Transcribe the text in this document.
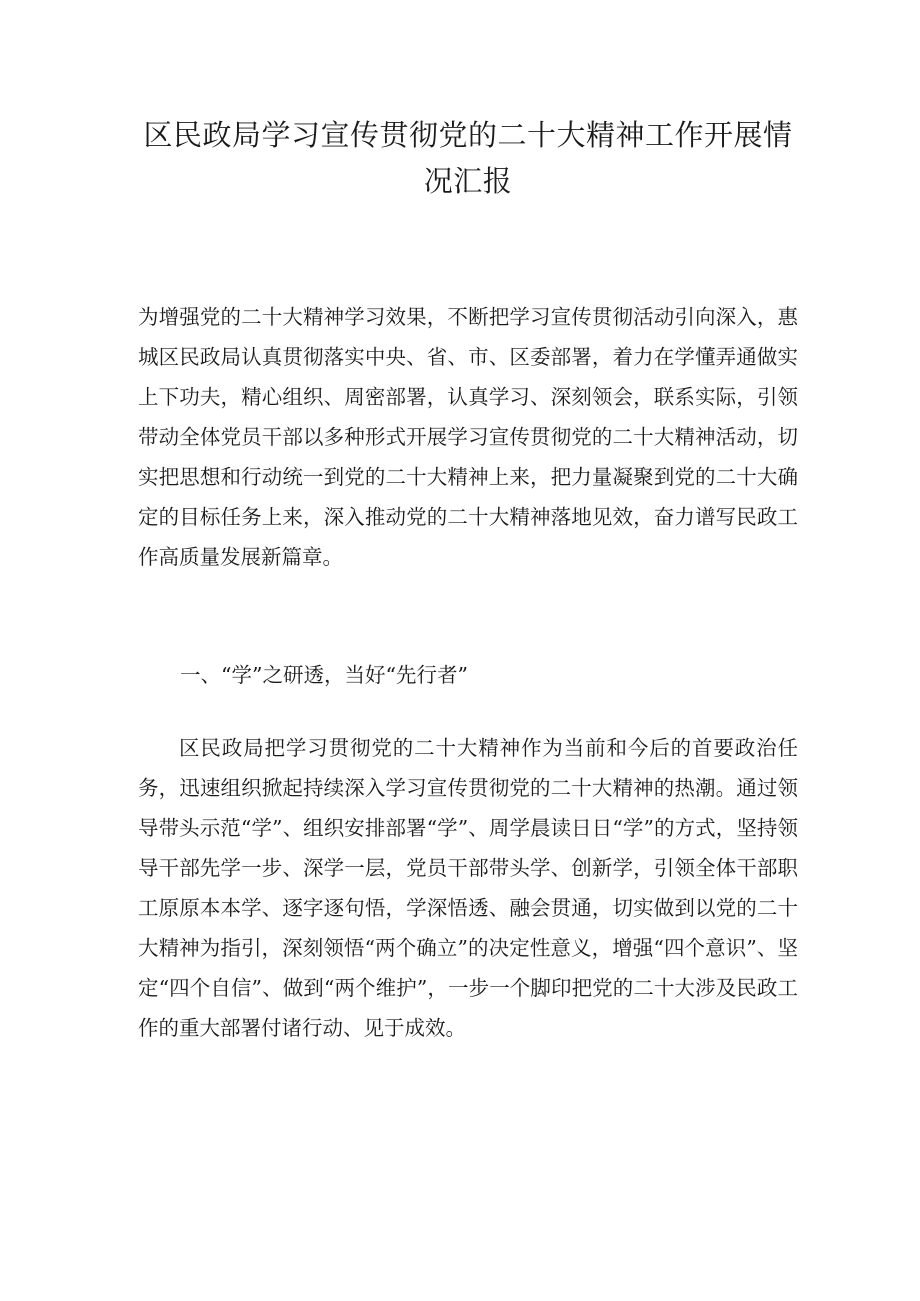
区民政局学习宣传贯彻党的二十大精神工作开展情
况汇报

为增强党的二十大精神学习效果，不断把学习宣传贯彻活动引向深入，惠城区民政局认真贯彻落实中央、省、市、区委部署，着力在学懂弄通做实上下功夫，精心组织、周密部署，认真学习、深刻领会，联系实际，引领带动全体党员干部以多种形式开展学习宣传贯彻党的二十大精神活动，切实把思想和行动统一到党的二十大精神上来，把力量凝聚到党的二十大确定的目标任务上来，深入推动党的二十大精神落地见效，奋力谱写民政工作高质量发展新篇章。

一、“学”之研透，当好“先行者”

区民政局把学习贯彻党的二十大精神作为当前和今后的首要政治任务，迅速组织掀起持续深入学习宣传贯彻党的二十大精神的热潮。通过领导带头示范“学”、组织安排部署“学”、周学晨读日日“学”的方式，坚持领导干部先学一步、深学一层，党员干部带头学、创新学，引领全体干部职工原原本本学、逐字逐句悟，学深悟透、融会贯通，切实做到以党的二十大精神为指引，深刻领悟“两个确立”的决定性意义，增强“四个意识”、坚定“四个自信”、做到“两个维护”，一步一个脚印把党的二十大涉及民政工作的重大部署付诸行动、见于成效。
